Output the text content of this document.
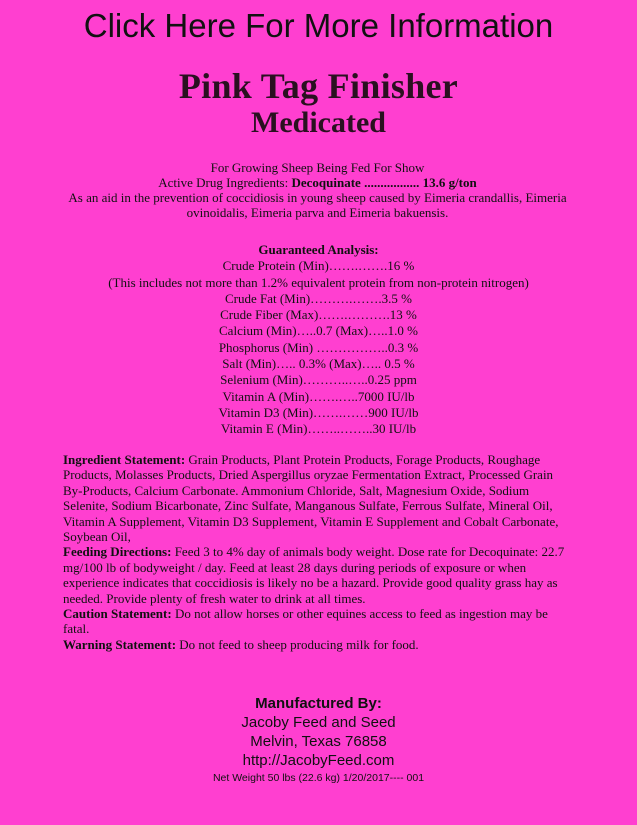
Click Here For More Information
Pink Tag Finisher
Medicated
For Growing Sheep Being Fed For Show
Active Drug Ingredients: Decoquinate ................. 13.6 g/ton
As an aid in the prevention of coccidiosis in young sheep caused by Eimeria crandallis, Eimeria ovinoidalis, Eimeria parva and Eimeria bakuensis.
Guaranteed Analysis:
Crude Protein (Min)…….…….16 %
(This includes not more than 1.2% equivalent protein from non-protein nitrogen)
Crude Fat (Min)……….…….3.5 %
Crude Fiber (Max)…….……….13 %
Calcium (Min)…..0.7 (Max)…..1.0 %
Phosphorus (Min) ……………..0.3 %
Salt (Min)….. 0.3% (Max)….. 0.5 %
Selenium (Min)………..…..0.25 ppm
Vitamin A (Min)…….…..7000 IU/lb
Vitamin D3 (Min)…….……900 IU/lb
Vitamin E (Min)……..……..30 IU/lb

Ingredient Statement: Grain Products, Plant Protein Products, Forage Products, Roughage Products, Molasses Products, Dried Aspergillus oryzae Fermentation Extract, Processed Grain By-Products, Calcium Carbonate. Ammonium Chloride, Salt, Magnesium Oxide, Sodium Selenite, Sodium Bicarbonate, Zinc Sulfate, Manganous Sulfate, Ferrous Sulfate, Mineral Oil, Vitamin A Supplement, Vitamin D3 Supplement, Vitamin E Supplement and Cobalt Carbonate, Soybean Oil,

Feeding Directions: Feed 3 to 4% day of animals body weight. Dose rate for Decoquinate: 22.7 mg/100 lb of bodyweight / day. Feed at least 28 days during periods of exposure or when experience indicates that coccidiosis is likely no be a hazard. Provide good quality grass hay as needed. Provide plenty of fresh water to drink at all times.

Caution Statement: Do not allow horses or other equines access to feed as ingestion may be fatal.

Warning Statement: Do not feed to sheep producing milk for food.

Manufactured By:
Jacoby Feed and Seed
Melvin, Texas 76858
http://JacobyFeed.com
Net Weight 50 lbs (22.6 kg) 1/20/2017---- 001
